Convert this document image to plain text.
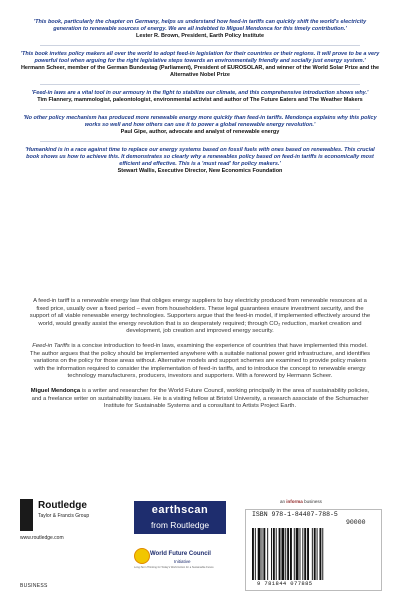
'This book, particularly the chapter on Germany, helps us understand how feed-in tariffs can quickly shift the world's electricity generation to renewable sources of energy. We are all indebted to Miguel Mendonca for this timely contribution.'
Lester R. Brown, President, Earth Policy Institute
'This book invites policy makers all over the world to adopt feed-in legislation for their countries or their regions. It will prove to be a very powerful tool when arguing for the right legislative steps towards an environmentally friendly and socially just energy system.'
Hermann Scheer, member of the German Bundestag (Parliament), President of EUROSOLAR, and winner of the World Solar Prize and the Alternative Nobel Prize
'Feed-in laws are a vital tool in our armoury in the fight to stabilize our climate, and this comprehensive introduction shows why.'
Tim Flannery, mammologist, paleontologist, environmental activist and author of The Future Eaters and The Weather Makers
'No other policy mechanism has produced more renewable energy more quickly than feed-in tariffs. Mendonça explains why this policy works so well and how others can use it to power a global renewable energy revolution.'
Paul Gipe, author, advocate and analyst of renewable energy
'Humankind is in a race against time to replace our energy systems based on fossil fuels with ones based on renewables. This crucial book shows us how to achieve this. It demonstrates so clearly why a renewables policy based on feed-in tariffs is economically most efficient and effective. This is a 'must read' for policy makers.'
Stewart Wallis, Executive Director, New Economics Foundation

A feed-in tariff is a renewable energy law that obliges energy suppliers to buy electricity produced from renewable resources at a fixed price, usually over a fixed period – even from householders. These legal guarantees ensure investment security, and the support of all viable renewable energy technologies. Supporters argue that the feed-in model, if implemented effectively around the world, would greatly assist the energy revolution that is so desperately required; through CO₂ reduction, market creation and development, job creation and improved energy security.

Feed-in Tariffs is a concise introduction to feed-in laws, examining the experience of countries that have implemented this model. The author argues that the policy should be implemented anywhere with a suitable national power grid infrastructure, and identifies variations on the policy for those areas without. Alternative models and support schemes are examined to provide policy makers with the information required to consider the implementation of feed-in tariffs, and to introduce the concept to renewable energy technology manufacturers, producers, investors and supporters. With a foreword by Hermann Scheer.

Miguel Mendonça is a writer and researcher for the World Future Council, working principally in the area of sustainability policies, and a freelance writer on sustainability issues. He is a visiting fellow at Bristol University, a research associate of the Schumacher Institute for Sustainable Systems and a consultant to Artists Project Earth.

Routledge
Taylor & Francis Group
www.routledge.com
earthscan
from Routledge
World Future Council
Initiative
Long-Term Thinking for Today's World Action for a Sustainable Future
BUSINESS
an informa business
ISBN 978-1-84407-788-5
90000
9 781844 077885
